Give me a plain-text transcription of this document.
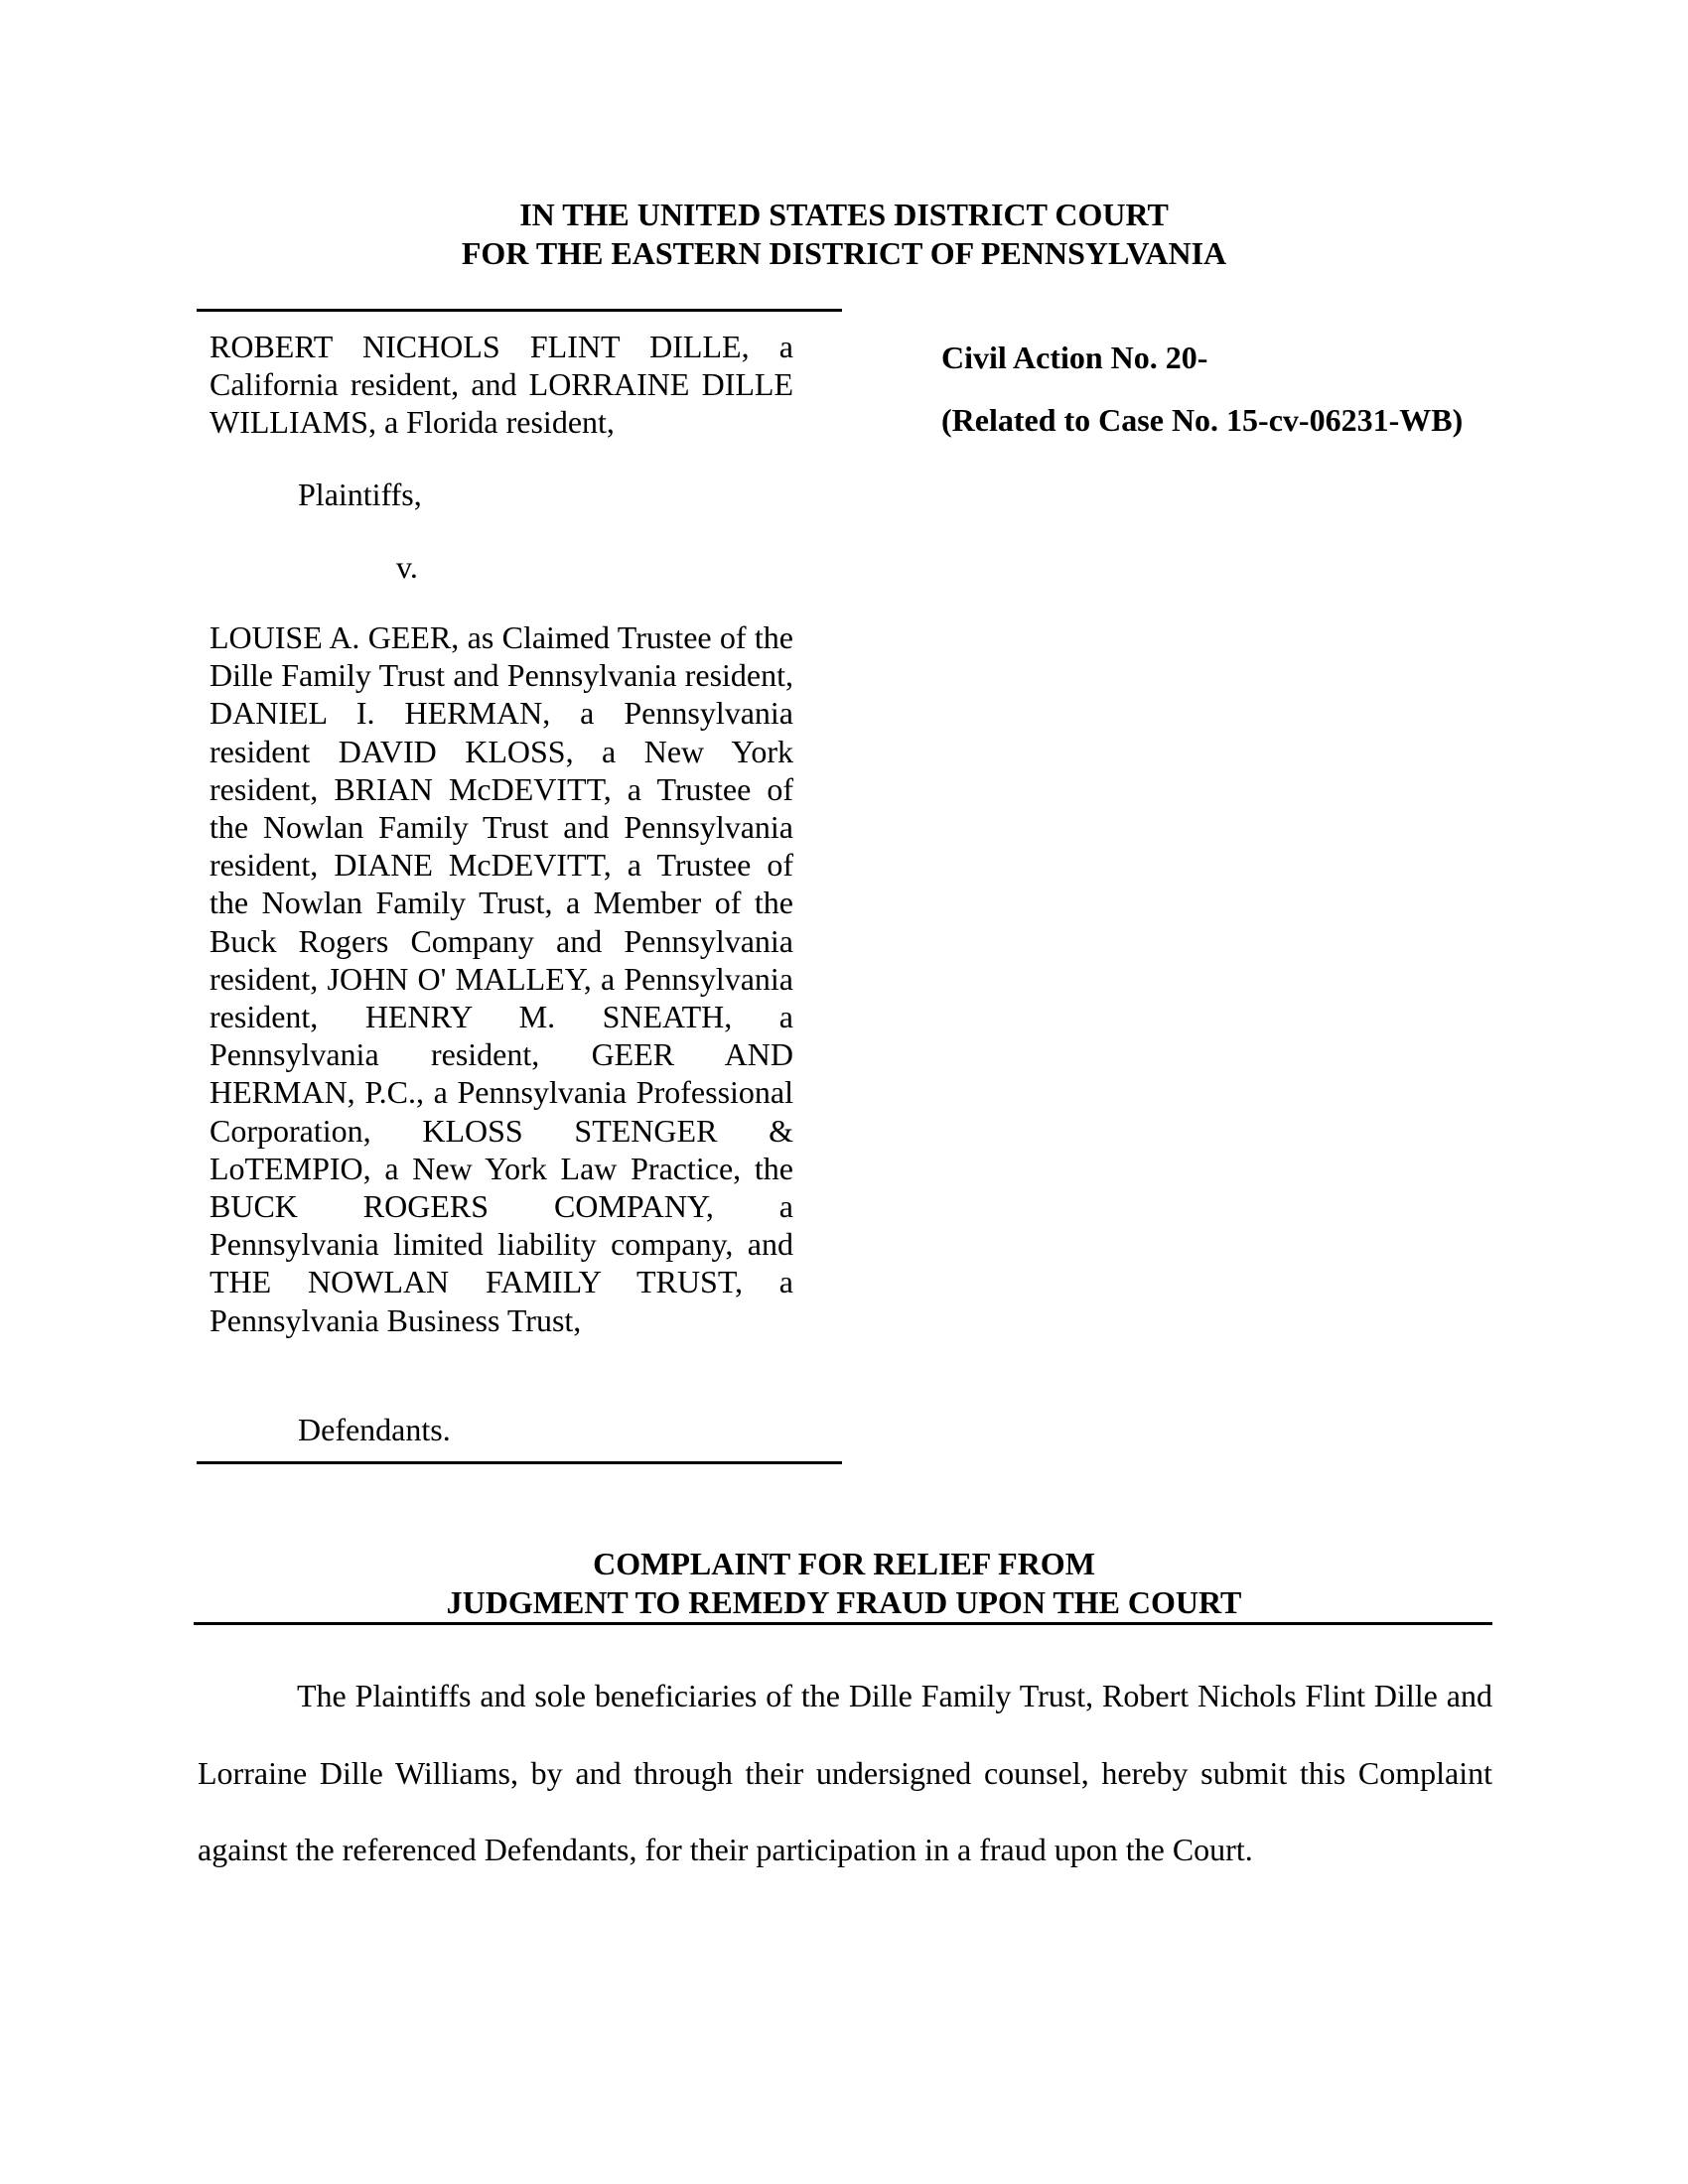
IN THE UNITED STATES DISTRICT COURT
FOR THE EASTERN DISTRICT OF PENNSYLVANIA
ROBERT NICHOLS FLINT DILLE, a California resident, and LORRAINE DILLE WILLIAMS, a Florida resident,
Plaintiffs,
v.
LOUISE A. GEER, as Claimed Trustee of the Dille Family Trust and Pennsylvania resident, DANIEL I. HERMAN, a Pennsylvania resident DAVID KLOSS, a New York resident, BRIAN McDEVITT, a Trustee of the Nowlan Family Trust and Pennsylvania resident, DIANE McDEVITT, a Trustee of the Nowlan Family Trust, a Member of the Buck Rogers Company and Pennsylvania resident, JOHN O' MALLEY, a Pennsylvania resident, HENRY M. SNEATH, a Pennsylvania resident, GEER AND HERMAN, P.C., a Pennsylvania Professional Corporation, KLOSS STENGER & LoTEMPIO, a New York Law Practice, the BUCK ROGERS COMPANY, a Pennsylvania limited liability company, and THE NOWLAN FAMILY TRUST, a Pennsylvania Business Trust,
Defendants.
Civil Action No. 20-
(Related to Case No. 15-cv-06231-WB)
COMPLAINT FOR RELIEF FROM
JUDGMENT TO REMEDY FRAUD UPON THE COURT
The Plaintiffs and sole beneficiaries of the Dille Family Trust, Robert Nichols Flint Dille and Lorraine Dille Williams, by and through their undersigned counsel, hereby submit this Complaint against the referenced Defendants, for their participation in a fraud upon the Court.
